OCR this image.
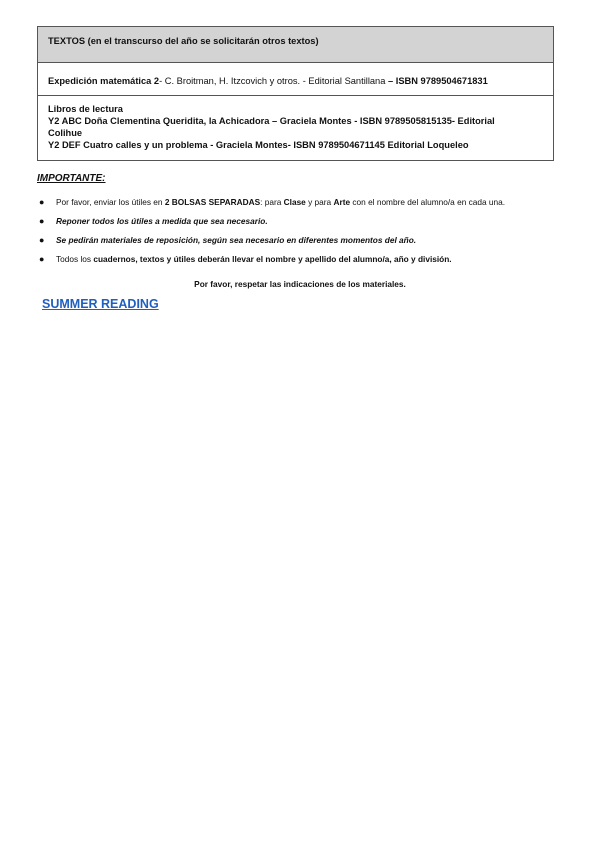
TEXTOS (en el transcurso del año se solicitarán otros textos)
Expedición matemática 2- C. Broitman, H. Itzcovich y otros. - Editorial Santillana – ISBN 9789504671831
Libros de lectura
Y2 ABC Doña Clementina Queridita, la Achicadora – Graciela Montes - ISBN 9789505815135- Editorial
Colihue
Y2 DEF Cuatro calles y un problema - Graciela Montes- ISBN 9789504671145 Editorial Loqueleo
IMPORTANTE:
● Por favor, enviar los útiles en 2 BOLSAS SEPARADAS: para Clase y para Arte con el nombre del alumno/a en cada una.
● Reponer todos los útiles a medida que sea necesario.
● Se pedirán materiales de reposición, según sea necesario en diferentes momentos del año.
● Todos los cuadernos, textos y útiles deberán llevar el nombre y apellido del alumno/a, año y división.
Por favor, respetar las indicaciones de los materiales.
SUMMER READING
